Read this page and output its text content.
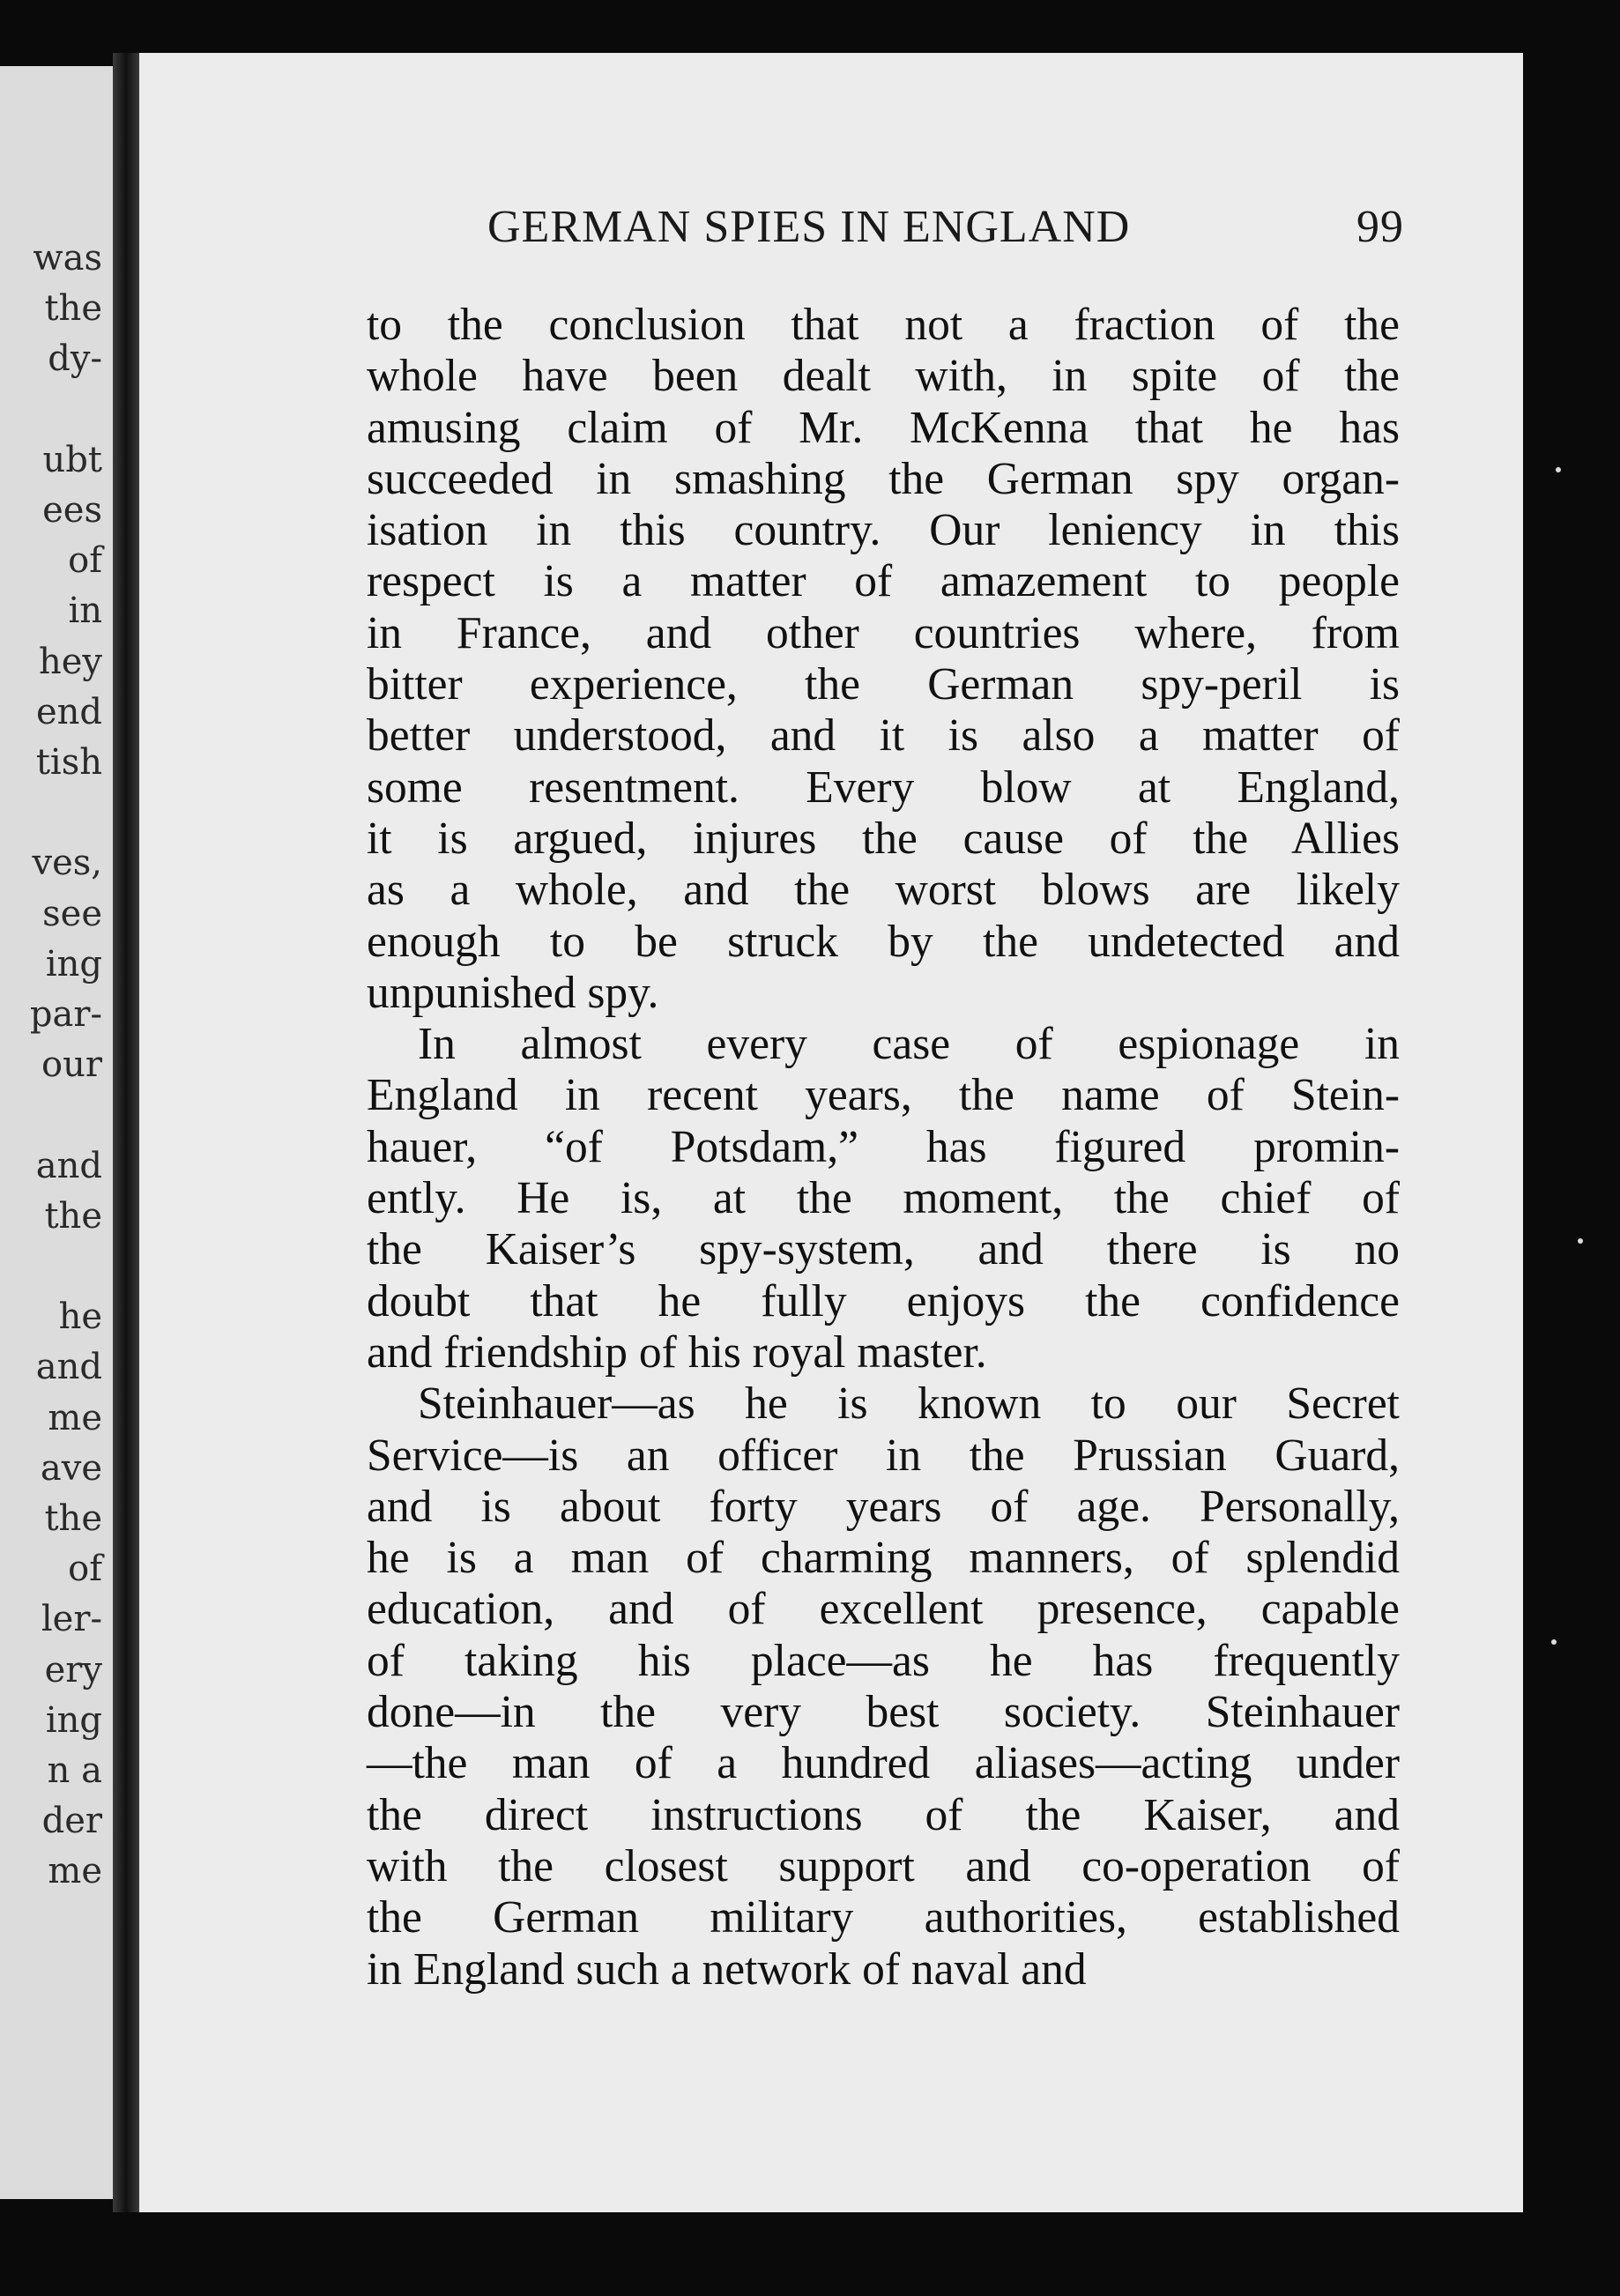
was
the
dy-
ubt
ees
of
in
hey
end
tish
ves,
see
ing
par-
our
and
the
he
and
me
ave
the
of
ler-
ery
ing
n a
der
me
GERMAN SPIES IN ENGLAND	99
to the conclusion that not a fraction of the
whole have been dealt with, in spite of the
amusing claim of Mr. McKenna that he has
succeeded in smashing the German spy organ-
isation in this country. Our leniency in this
respect is a matter of amazement to people
in France, and other countries where, from
bitter experience, the German spy-peril is
better understood, and it is also a matter of
some resentment. Every blow at England,
it is argued, injures the cause of the Allies
as a whole, and the worst blows are likely
enough to be struck by the undetected and
unpunished spy.
In almost every case of espionage in
England in recent years, the name of Stein-
hauer, “of Potsdam,” has figured promin-
ently. He is, at the moment, the chief of
the Kaiser’s spy-system, and there is no
doubt that he fully enjoys the confidence
and friendship of his royal master.
Steinhauer—as he is known to our Secret
Service—is an officer in the Prussian Guard,
and is about forty years of age. Personally,
he is a man of charming manners, of splendid
education, and of excellent presence, capable
of taking his place—as he has frequently
done—in the very best society. Steinhauer
—the man of a hundred aliases—acting under
the direct instructions of the Kaiser, and
with the closest support and co-operation of
the German military authorities, established
in England such a network of naval and
